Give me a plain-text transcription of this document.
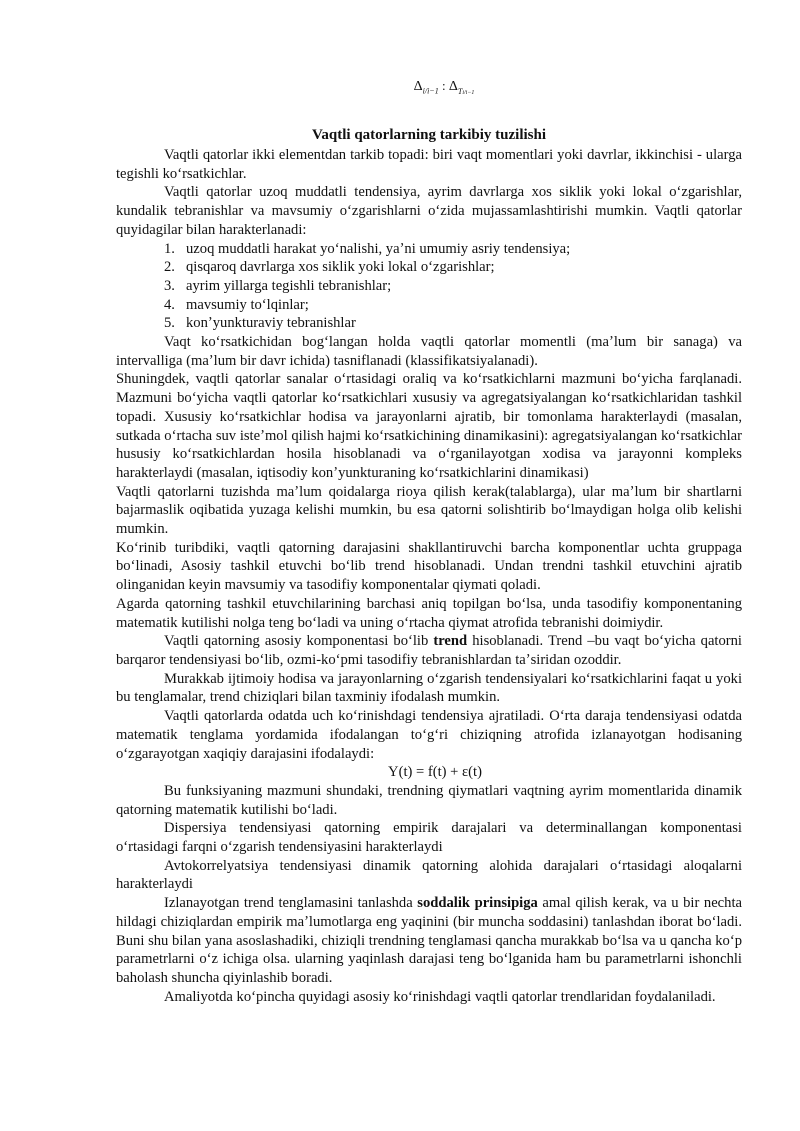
$\Delta_{i/i-1}$ : $\Delta_{Ti/i-1}$
Vaqtli qatorlarning tarkibiy tuzilishi

Vaqtli qatorlar ikki elementdan tarkib topadi: biri vaqt momentlari yoki davrlar, ikkinchisi - ularga tegishli koʻrsatkichlar.

Vaqtli qatorlar uzoq muddatli tendensiya, ayrim davrlarga xos siklik yoki lokal oʻzgarishlar, kundalik tebranishlar va mavsumiy oʻzgarishlarni oʻzida mujassamlashtirishi mumkin. Vaqtli qatorlar quyidagilar bilan harakterlanadi:

1. uzoq muddatli harakat yoʻnalishi, yaʼni umumiy asriy tendensiya;
2. qisqaroq davrlarga xos siklik yoki lokal oʻzgarishlar;
3. ayrim yillarga tegishli tebranishlar;
4. mavsumiy toʻlqinlar;
5. konʼyunkturaviy tebranishlar

Vaqt koʻrsatkichidan bogʻlangan holda vaqtli qatorlar momentli (maʼlum bir sanaga) va intervalliga (maʼlum bir davr ichida) tasniflanadi (klassifikatsiyalanadi).

Shuningdek, vaqtli qatorlar sanalar oʻrtasidagi oraliq va koʻrsatkichlarni mazmuni boʻyicha farqlanadi. Mazmuni boʻyicha vaqtli qatorlar koʻrsatkichlari xususiy va agregatsiyalangan koʻrsatkichlaridan tashkil topadi. Xususiy koʻrsatkichlar hodisa va jarayonlarni ajratib, bir tomonlama harakterlaydi (masalan, sutkada oʻrtacha suv isteʼmol qilish hajmi koʻrsatkichining dinamikasini): agregatsiyalangan koʻrsatkichlar hususiy koʻrsatkichlardan hosila hisoblanadi va oʻrganilayotgan xodisa va jarayonni kompleks harakterlaydi (masalan, iqtisodiy konʼyunkturaning koʻrsatkichlarini dinamikasi)

Vaqtli qatorlarni tuzishda maʼlum qoidalarga rioya qilish kerak(talablarga), ular maʼlum bir shartlarni bajarmaslik oqibatida yuzaga kelishi mumkin, bu esa qatorni solishtirib boʻlmaydigan holga olib kelishi mumkin.

Koʻrinib turibdiki, vaqtli qatorning darajasini shakllantiruvchi barcha komponentlar uchta gruppaga boʻlinadi, Asosiy tashkil etuvchi boʻlib trend hisoblanadi. Undan trendni tashkil etuvchini ajratib olinganidan keyin mavsumiy va tasodifiy komponentalar qiymati qoladi.

Agarda qatorning tashkil etuvchilarining barchasi aniq topilgan boʻlsa, unda tasodifiy komponentaning matematik kutilishi nolga teng boʻladi va uning oʻrtacha qiymat atrofida tebranishi doimiydir.

Vaqtli qatorning asosiy komponentasi boʻlib trend hisoblanadi. Trend –bu vaqt boʻyicha qatorni barqaror tendensiyasi boʻlib, ozmi-koʻpmi tasodifiy tebranishlardan taʼsiridan ozoddir.

Murakkab ijtimoiy hodisa va jarayonlarning oʻzgarish tendensiyalari koʻrsatkichlarini faqat u yoki bu tenglamalar, trend chiziqlari bilan taxminiy ifodalash mumkin.

Vaqtli qatorlarda odatda uch koʻrinishdagi tendensiya ajratiladi. Oʻrta daraja tendensiyasi odatda matematik tenglama yordamida ifodalangan toʻgʻri chiziqning atrofida izlanayotgan hodisaning oʻzgarayotgan xaqiqiy darajasini ifodalaydi:

Y(t) = f(t) + ε(t)

Bu funksiyaning mazmuni shundaki, trendning qiymatlari vaqtning ayrim momentlarida dinamik qatorning matematik kutilishi boʻladi.

Dispersiya tendensiyasi qatorning empirik darajalari va determinallangan komponentasi oʻrtasidagi farqni oʻzgarish tendensiyasini harakterlaydi

Avtokorrelyatsiya tendensiyasi dinamik qatorning alohida darajalari oʻrtasidagi aloqalarni harakterlaydi

Izlanayotgan trend tenglamasini tanlashda soddalik prinsipiga amal qilish kerak, va u bir nechta hildagi chiziqlardan empirik maʼlumotlarga eng yaqinini (bir muncha soddasini) tanlashdan iborat boʻladi. Buni shu bilan yana asoslashadiki, chiziqli trendning tenglamasi qancha murakkab boʻlsa va u qancha koʻp parametrlarni oʻz ichiga olsa. ularning yaqinlash darajasi teng boʻlganida ham bu parametrlarni ishonchli baholash shuncha qiyinlashib boradi.

Amaliyotda koʻpincha quyidagi asosiy koʻrinishdagi vaqtli qatorlar trendlaridan foydalaniladi.
